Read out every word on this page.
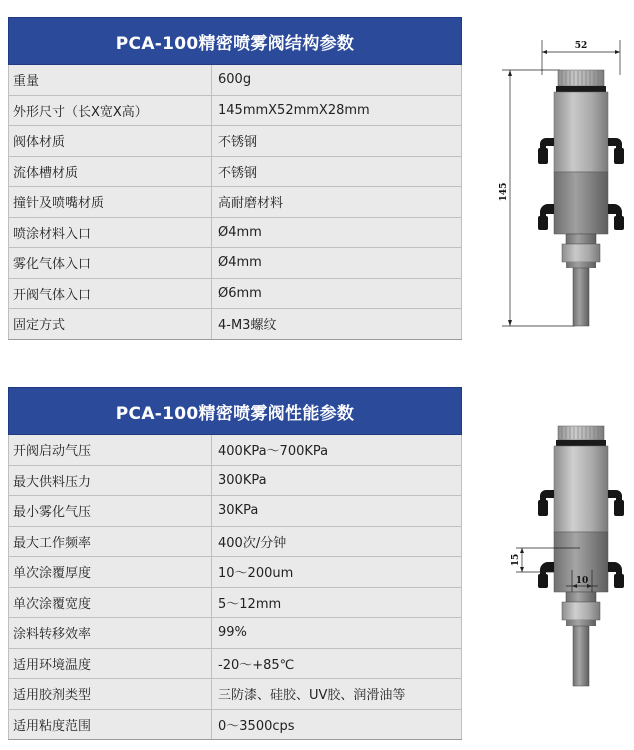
PCA-100精密喷雾阀结构参数	
重量	600g
外形尺寸（长X宽X高）	145mmX52mmX28mm
阀体材质	不锈钢
流体槽材质	不锈钢
撞针及喷嘴材质	高耐磨材料
喷涂材料入口	Ø4mm
雾化气体入口	Ø4mm
开阀气体入口	Ø6mm
固定方式	4-M3螺纹
PCA-100精密喷雾阀性能参数	
开阀启动气压	400KPa～700KPa
最大供料压力	300KPa
最小雾化气压	30KPa
最大工作频率	400次/分钟
单次涂覆厚度	10～200um
单次涂覆宽度	5～12mm
涂料转移效率	99%
适用环境温度	-20～+85℃
适用胶剂类型	三防漆、硅胶、UV胶、润滑油等
适用粘度范围	0～3500cps
52
145
15
10
